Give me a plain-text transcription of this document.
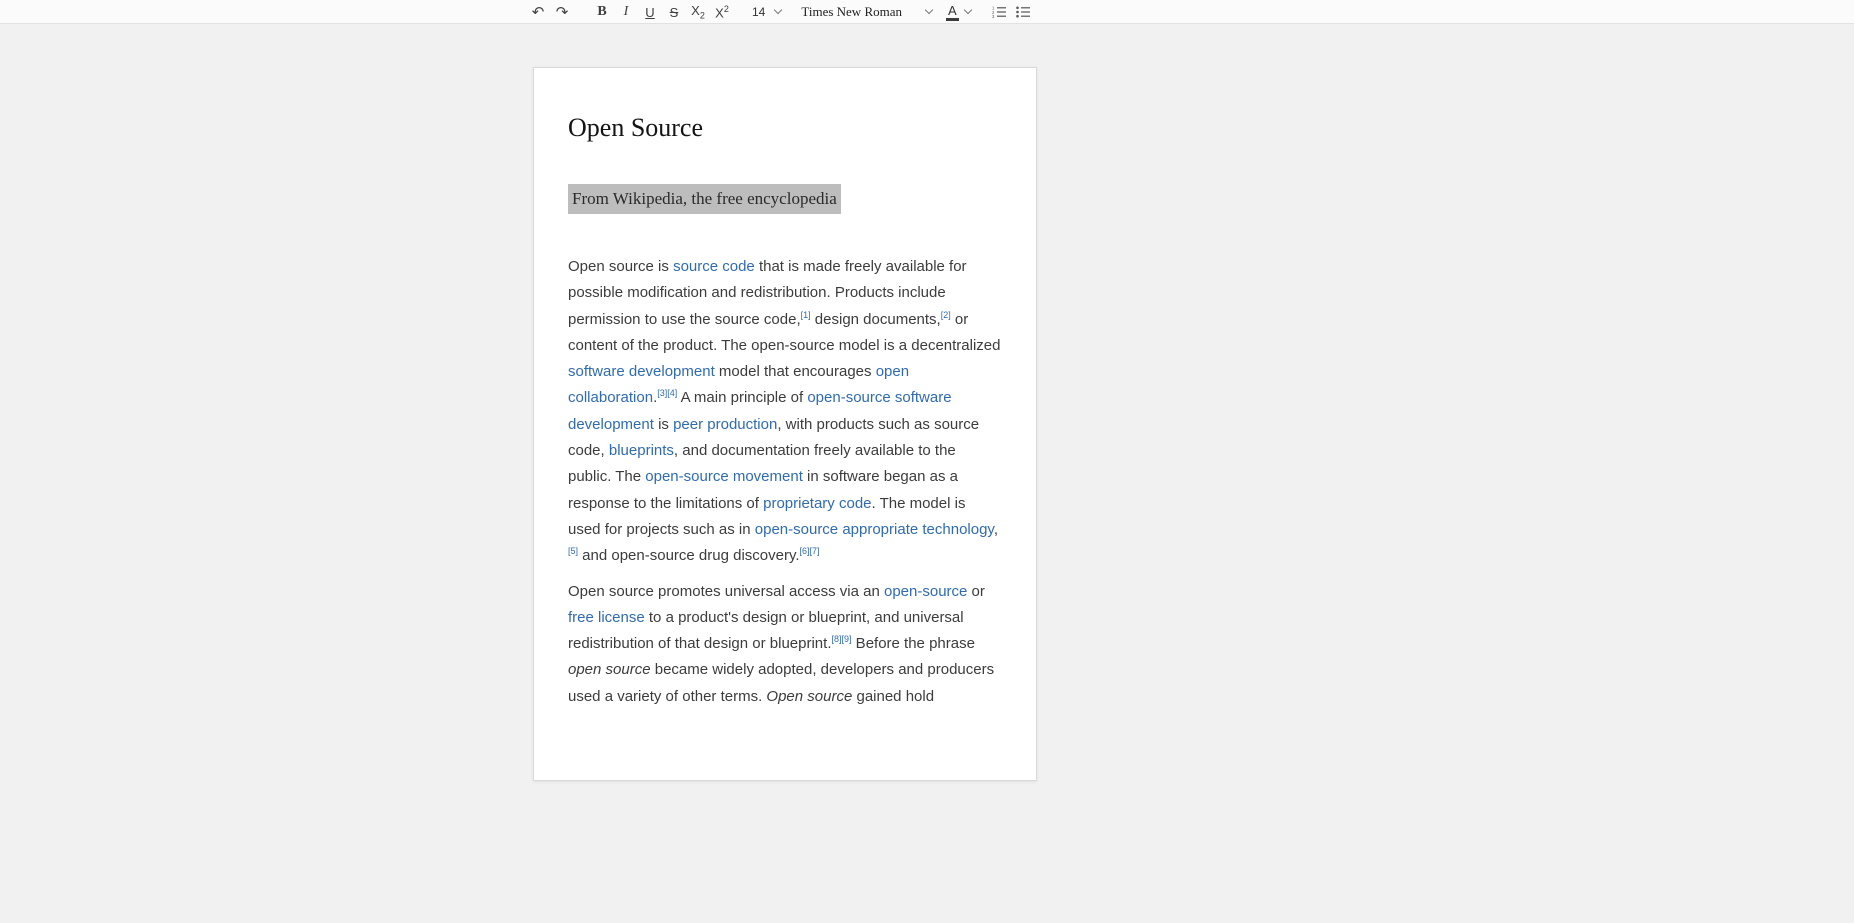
↶ ↷ B I U S $X_2$ $X^2$	14	Times New Roman	A	1
2
3
Open Source
From Wikipedia, the free encyclopedia

Open source is source code that is made freely available for possible modification and redistribution. Products include permission to use the source code,[1] design documents,[2] or content of the product. The open-source model is a decentralized software development model that encourages open collaboration.[3][4] A main principle of open-source software development is peer production, with products such as source code, blueprints, and documentation freely available to the public. The open-source movement in software began as a response to the limitations of proprietary code. The model is used for projects such as in open-source appropriate technology,[5] and open-source drug discovery.[6][7]

Open source promotes universal access via an open-source or free license to a product's design or blueprint, and universal redistribution of that design or blueprint.[8][9] Before the phrase open source became widely adopted, developers and producers used a variety of other terms. Open source gained hold
